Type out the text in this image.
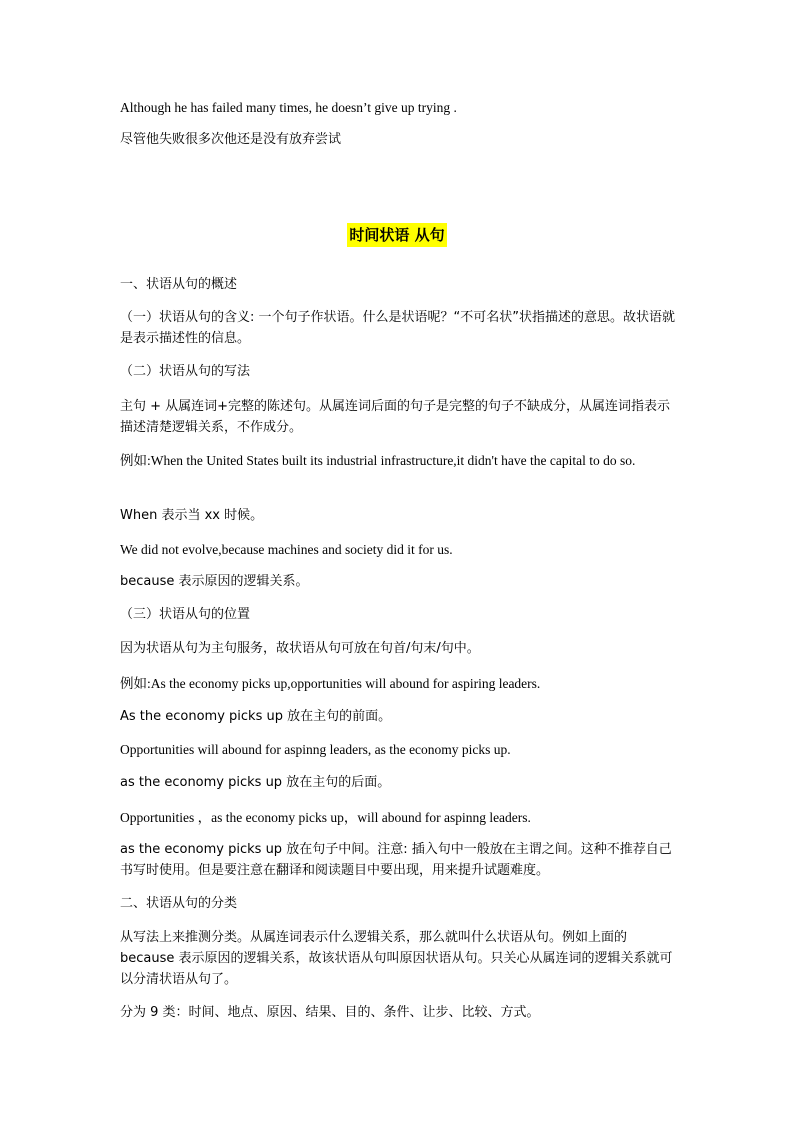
Although he has failed many times, he doesn’t give up trying .

尽管他失败很多次他还是没有放弃尝试

时间状语 从句

一、状语从句的概述

（一）状语从句的含义: 一个句子作状语。什么是状语呢？“不可名状”状指描述的意思。故状语就是表示描述性的信息。

（二）状语从句的写法

主句 + 从属连词+完整的陈述句。从属连词后面的句子是完整的句子不缺成分，从属连词指表示描述清楚逻辑关系，不作成分。

例如:When the United States built its industrial infrastructure,it didn't have the capital to do so.

When 表示当 xx 时候。

We did not evolve,because machines and society did it for us.

because 表示原因的逻辑关系。

（三）状语从句的位置

因为状语从句为主句服务，故状语从句可放在句首/句末/句中。

例如:As the economy picks up,opportunities will abound for aspiring leaders.

As the economy picks up 放在主句的前面。

Opportunities will abound for aspinng leaders, as the economy picks up.

as the economy picks up 放在主句的后面。

Opportunities ，as the economy picks up，will abound for aspinng leaders.

as the economy picks up 放在句子中间。注意: 插入句中一般放在主谓之间。这种不推荐自己书写时使用。但是要注意在翻译和阅读题目中要出现，用来提升试题难度。

二、状语从句的分类

从写法上来推测分类。从属连词表示什么逻辑关系，那么就叫什么状语从句。例如上面的 because 表示原因的逻辑关系，故该状语从句叫原因状语从句。只关心从属连词的逻辑关系就可以分清状语从句了。

分为 9 类：时间、地点、原因、结果、目的、条件、让步、比较、方式。
